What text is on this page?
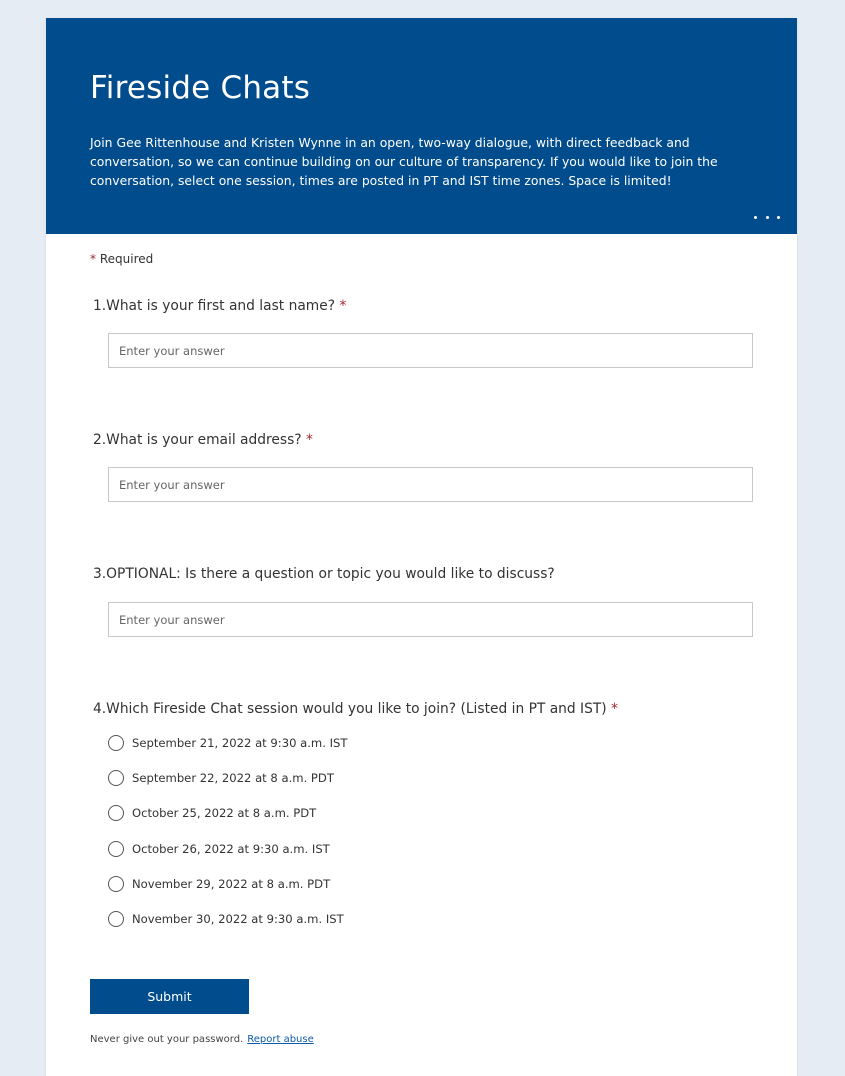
Fireside Chats

Join Gee Rittenhouse and Kristen Wynne in an open, two-way dialogue, with direct feedback and conversation, so we can continue building on our culture of transparency. If you would like to join the conversation, select one session, times are posted in PT and IST time zones. Space is limited!

* Required

1.What is your first and last name? *

Enter your answer

2.What is your email address? *

Enter your answer

3.OPTIONAL: Is there a question or topic you would like to discuss?

Enter your answer

4.Which Fireside Chat session would you like to join? (Listed in PT and IST) *

September 21, 2022 at 9:30 a.m. IST
September 22, 2022 at 8 a.m. PDT
October 25, 2022 at 8 a.m. PDT
October 26, 2022 at 9:30 a.m. IST
November 29, 2022 at 8 a.m. PDT
November 30, 2022 at 9:30 a.m. IST
Submit
Never give out your password. Report abuse
